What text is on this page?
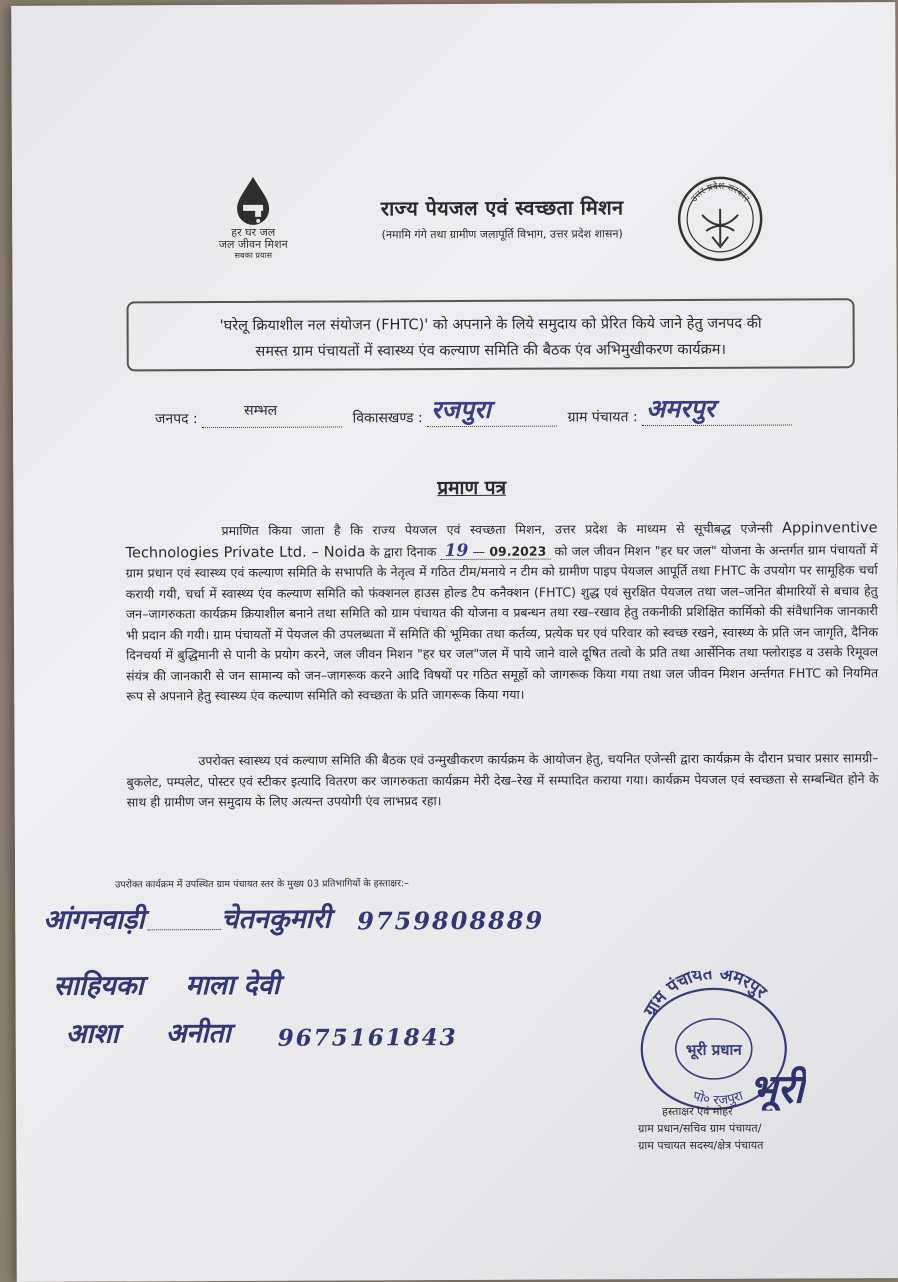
हर घर जल
जल जीवन मिशन
सबका प्रयास
राज्य पेयजल एवं स्वच्छता मिशन
(नमामि गंगे तथा ग्रामीण जलापूर्ति विभाग, उत्तर प्रदेश शासन)
उत्तर प्रदेश सरकार
'घरेलू क्रियाशील नल संयोजन (FHTC)' को अपनाने के लिये समुदाय को प्रेरित किये जाने हेतु जनपद की
समस्त ग्राम पंचायतों में स्वास्थ्य एंव कल्याण समिति की बैठक एंव अभिमुखीकरण कार्यक्रम।
जनपद :
सम्भल	विकासखण्ड : रजपुरा	ग्राम पंचायत : अमरपुर
प्रमाण पत्र
प्रमाणित किया जाता है कि राज्य पेयजल एवं स्वच्छता मिशन, उत्तर प्रदेश के माध्यम से सूचीबद्ध एजेन्सी Appinventive Technologies Private Ltd. – Noida के द्वारा दिनाक 19 — 09.2023 को जल जीवन मिशन "हर घर जल" योजना के अन्तर्गत ग्राम पंचायतों में ग्राम प्रधान एवं स्वास्थ्य एवं कल्याण समिति के सभापति के नेतृत्व में गठित टीम/मनाये न टीम को ग्रामीण पाइप पेयजल आपूर्ति तथा FHTC के उपयोग पर सामूहिक चर्चा करायी गयी, चर्चा में स्वास्थ्य एंव कल्याण समिति को फंक्शनल हाउस होल्ड टैप कनैक्शन (FHTC) शुद्ध एवं सुरक्षित पेयजल तथा जल–जनित बीमारियों से बचाव हेतु जन–जागरुकता कार्यक्रम क्रियाशील बनाने तथा समिति को ग्राम पंचायत की योजना व प्रबन्धन तथा रख–रखाव हेतु तकनीकी प्रशिक्षित कार्मिको की संवैधानिक जानकारी भी प्रदान की गयी। ग्राम पंचायतों में पेयजल की उपलब्धता में समिति की भूमिका तथा कर्तव्य, प्रत्येक घर एवं परिवार को स्वच्छ रखने, स्वास्थ्य के प्रति जन जागृति, दैनिक दिनचर्या में बुद्धिमानी से पानी के प्रयोग करने, जल जीवन मिशन "हर घर जल"जल में पाये जाने वाले दूषित तत्वो के प्रति तथा आर्सेनिक तथा फ्लोराइड व उसके रिमूवल संयंत्र की जानकारी से जन सामान्य को जन–जागरूक करने आदि विषयों पर गठित समूहों को जागरूक किया गया तथा जल जीवन मिशन अर्न्तगत FHTC को नियमित रूप से अपनाने हेतु स्वास्थ्य एंव कल्याण समिति को स्वच्छता के प्रति जागरूक किया गया।
उपरोक्त स्वास्थ्य एवं कल्याण समिति की बैठक एवं उन्मुखीकरण कार्यक्रम के आयोजन हेतु, चयनित एजेन्सी द्वारा कार्यक्रम के दौरान प्रचार प्रसार सामग्री–बुकलेट, पम्पलेट, पोस्टर एवं स्टीकर इत्यादि वितरण कर जागरुकता कार्यक्रम मेरी देख–रेख में सम्पादित कराया गया। कार्यक्रम पेयजल एवं स्वच्छता से सम्बन्धित होने के साथ ही ग्रामीण जन समुदाय के लिए अत्यन्त उपयोगी एंव लाभप्रद रहा।
उपरोक्त कार्यक्रम में उपस्थित ग्राम पंचायत स्तर के मुख्य 03 प्रतिभागियों के हस्ताक्षर:–
आंगनवाड़ी	चेतनकुमारी 9759808889
साहियका माला देवी
आशा अनीता 9675161843
ग्राम पंचायत अमरपुर
पो० रजपुरा
भूरी प्रधान
भूरी
हस्ताक्षर एवं मोहर
ग्राम प्रधान/सचिव ग्राम पंचायत/
ग्राम पचायत सदस्य/क्षेत्र पंचायत
